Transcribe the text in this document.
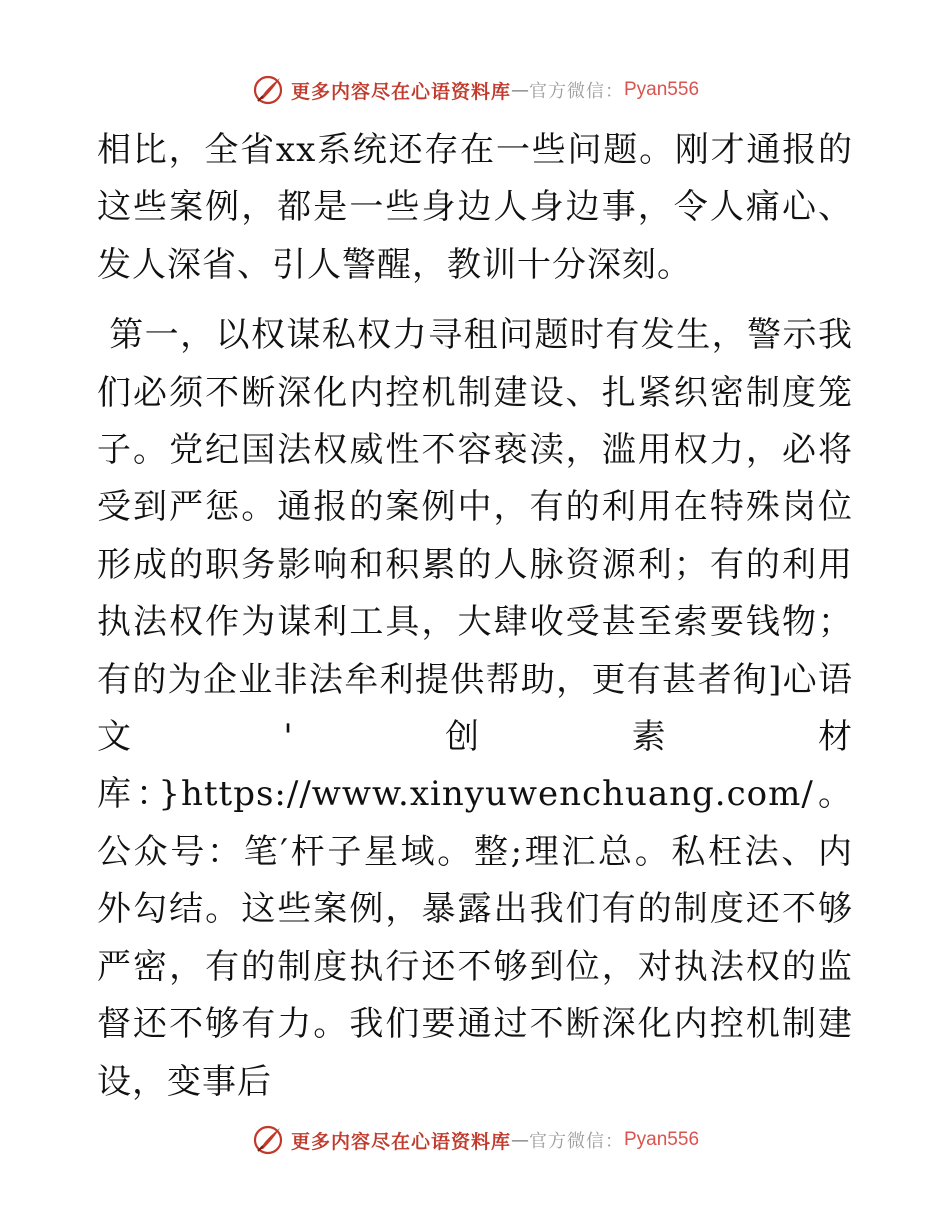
更多内容尽在心语资料库 — 官方微信： Pyan556

相比，全省xx系统还存在一些问题。刚才通报的这些案例，都是一些身边人身边事，令人痛心、发人深省、引人警醒，教训十分深刻。

第一，以权谋私权力寻租问题时有发生，警示我们必须不断深化内控机制建设、扎紧织密制度笼子。党纪国法权威性不容亵渎，滥用权力，必将受到严惩。通报的案例中，有的利用在特殊岗位形成的职务影响和积累的人脉资源利；有的利用执法权作为谋利工具，大肆收受甚至索要钱物；有的为企业非法牟利提供帮助，更有甚者徇]心语文'创素材库：}https://www.xinyuwenchuang.com/。公众号：笔′杆子星域。整;理汇总。私枉法、内外勾结。这些案例，暴露出我们有的制度还不够严密，有的制度执行还不够到位，对执法权的监督还不够有力。我们要通过不断深化内控机制建设，变事后

更多内容尽在心语资料库 — 官方微信： Pyan556
